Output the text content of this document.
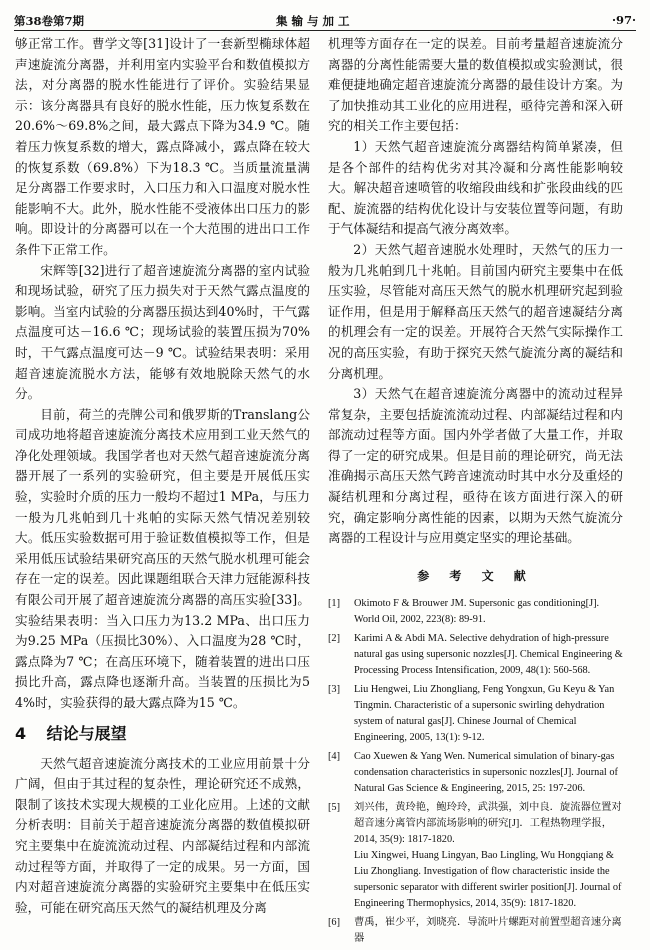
第38卷第7期	集 输 与 加 工	·97·

够正常工作。曹学文等[31]设计了一套新型椭球体超声速旋流分离器，并利用室内实验平台和数值模拟方法，对分离器的脱水性能进行了评价。实验结果显示：该分离器具有良好的脱水性能，压力恢复系数在20.6%～69.8%之间，最大露点下降为34.9 ℃。随着压力恢复系数的增大，露点降减小，露点降在较大的恢复系数（69.8%）下为18.3 ℃。当质量流量满足分离器工作要求时，入口压力和入口温度对脱水性能影响不大。此外，脱水性能不受液体出口压力的影响。即设计的分离器可以在一个大范围的进出口工作条件下正常工作。

宋辉等[32]进行了超音速旋流分离器的室内试验和现场试验，研究了压力损失对于天然气露点温度的影响。当室内试验的分离器压损达到40%时，干气露点温度可达－16.6 ℃；现场试验的装置压损为70%时，干气露点温度可达－9 ℃。试验结果表明：采用超音速旋流脱水方法，能够有效地脱除天然气的水分。

目前，荷兰的壳牌公司和俄罗斯的Translang公司成功地将超音速旋流分离技术应用到工业天然气的净化处理领域。我国学者也对天然气超音速旋流分离器开展了一系列的实验研究，但主要是开展低压实验，实验时介质的压力一般均不超过1 MPa，与压力一般为几兆帕到几十兆帕的实际天然气情况差别较大。低压实验数据可用于验证数值模拟等工作，但是采用低压试验结果研究高压的天然气脱水机理可能会存在一定的误差。因此课题组联合天津力冠能源科技有限公司开展了超音速旋流分离器的高压实验[33]。实验结果表明：当入口压力为13.2 MPa、出口压力为9.25 MPa（压损比30%）、入口温度为28 ℃时，露点降为7 ℃；在高压环境下，随着装置的进出口压损比升高，露点降也逐渐升高。当装置的压损比为54%时，实验获得的最大露点降为15 ℃。

4 结论与展望

天然气超音速旋流分离技术的工业应用前景十分广阔，但由于其过程的复杂性，理论研究还不成熟，限制了该技术实现大规模的工业化应用。上述的文献分析表明：目前关于超音速旋流分离器的数值模拟研究主要集中在旋流流动过程、内部凝结过程和内部流动过程等方面，并取得了一定的成果。另一方面，国内对超音速旋流分离器的实验研究主要集中在低压实验，可能在研究高压天然气的凝结机理及分离

机理等方面存在一定的误差。目前考量超音速旋流分离器的分离性能需要大量的数值模拟或实验测试，很难便捷地确定超音速旋流分离器的最佳设计方案。为了加快推动其工业化的应用进程，亟待完善和深入研究的相关工作主要包括：

1）天然气超音速旋流分离器结构简单紧凑，但是各个部件的结构优劣对其冷凝和分离性能影响较大。解决超音速喷管的收缩段曲线和扩张段曲线的匹配、旋流器的结构优化设计与安装位置等问题，有助于气体凝结和提高气液分离效率。

2）天然气超音速脱水处理时，天然气的压力一般为几兆帕到几十兆帕。目前国内研究主要集中在低压实验，尽管能对高压天然气的脱水机理研究起到验证作用，但是用于解释高压天然气的超音速凝结分离的机理会有一定的误差。开展符合天然气实际操作工况的高压实验，有助于探究天然气旋流分离的凝结和分离机理。

3）天然气在超音速旋流分离器中的流动过程异常复杂，主要包括旋流流动过程、内部凝结过程和内部流动过程等方面。国内外学者做了大量工作，并取得了一定的研究成果。但是目前的理论研究，尚无法准确揭示高压天然气跨音速流动时其中水分及重烃的凝结机理和分离过程，亟待在该方面进行深入的研究，确定影响分离性能的因素，以期为天然气旋流分离器的工程设计与应用奠定坚实的理论基础。

参 考 文 献
[1] Okimoto F & Brouwer JM. Supersonic gas conditioning[J]. World Oil, 2002, 223(8): 89-91.
[2] Karimi A & Abdi MA. Selective dehydration of high-pressure natural gas using supersonic nozzles[J]. Chemical Engineering & Processing Process Intensification, 2009, 48(1): 560-568.
[3] Liu Hengwei, Liu Zhongliang, Feng Yongxun, Gu Keyu & Yan Tingmin. Characteristic of a supersonic swirling dehydration system of natural gas[J]. Chinese Journal of Chemical Engineering, 2005, 13(1): 9-12.
[4] Cao Xuewen & Yang Wen. Numerical simulation of binary-gas condensation characteristics in supersonic nozzles[J]. Journal of Natural Gas Science & Engineering, 2015, 25: 197-206.
[5] 刘兴伟，黄玲艳，鲍玲玲，武洪强，刘中良．旋流器位置对超音速分离管内部流场影响的研究[J]．工程热物理学报，2014, 35(9): 1817-1820.
Liu Xingwei, Huang Lingyan, Bao Lingling, Wu Hongqiang & Liu Zhongliang. Investigation of flow characteristic inside the supersonic separator with different swirler position[J]. Journal of Engineering Thermophysics, 2014, 35(9): 1817-1820.
[6] 曹禹，崔少平，刘晓亮．导流叶片螺距对前置型超音速分离器
